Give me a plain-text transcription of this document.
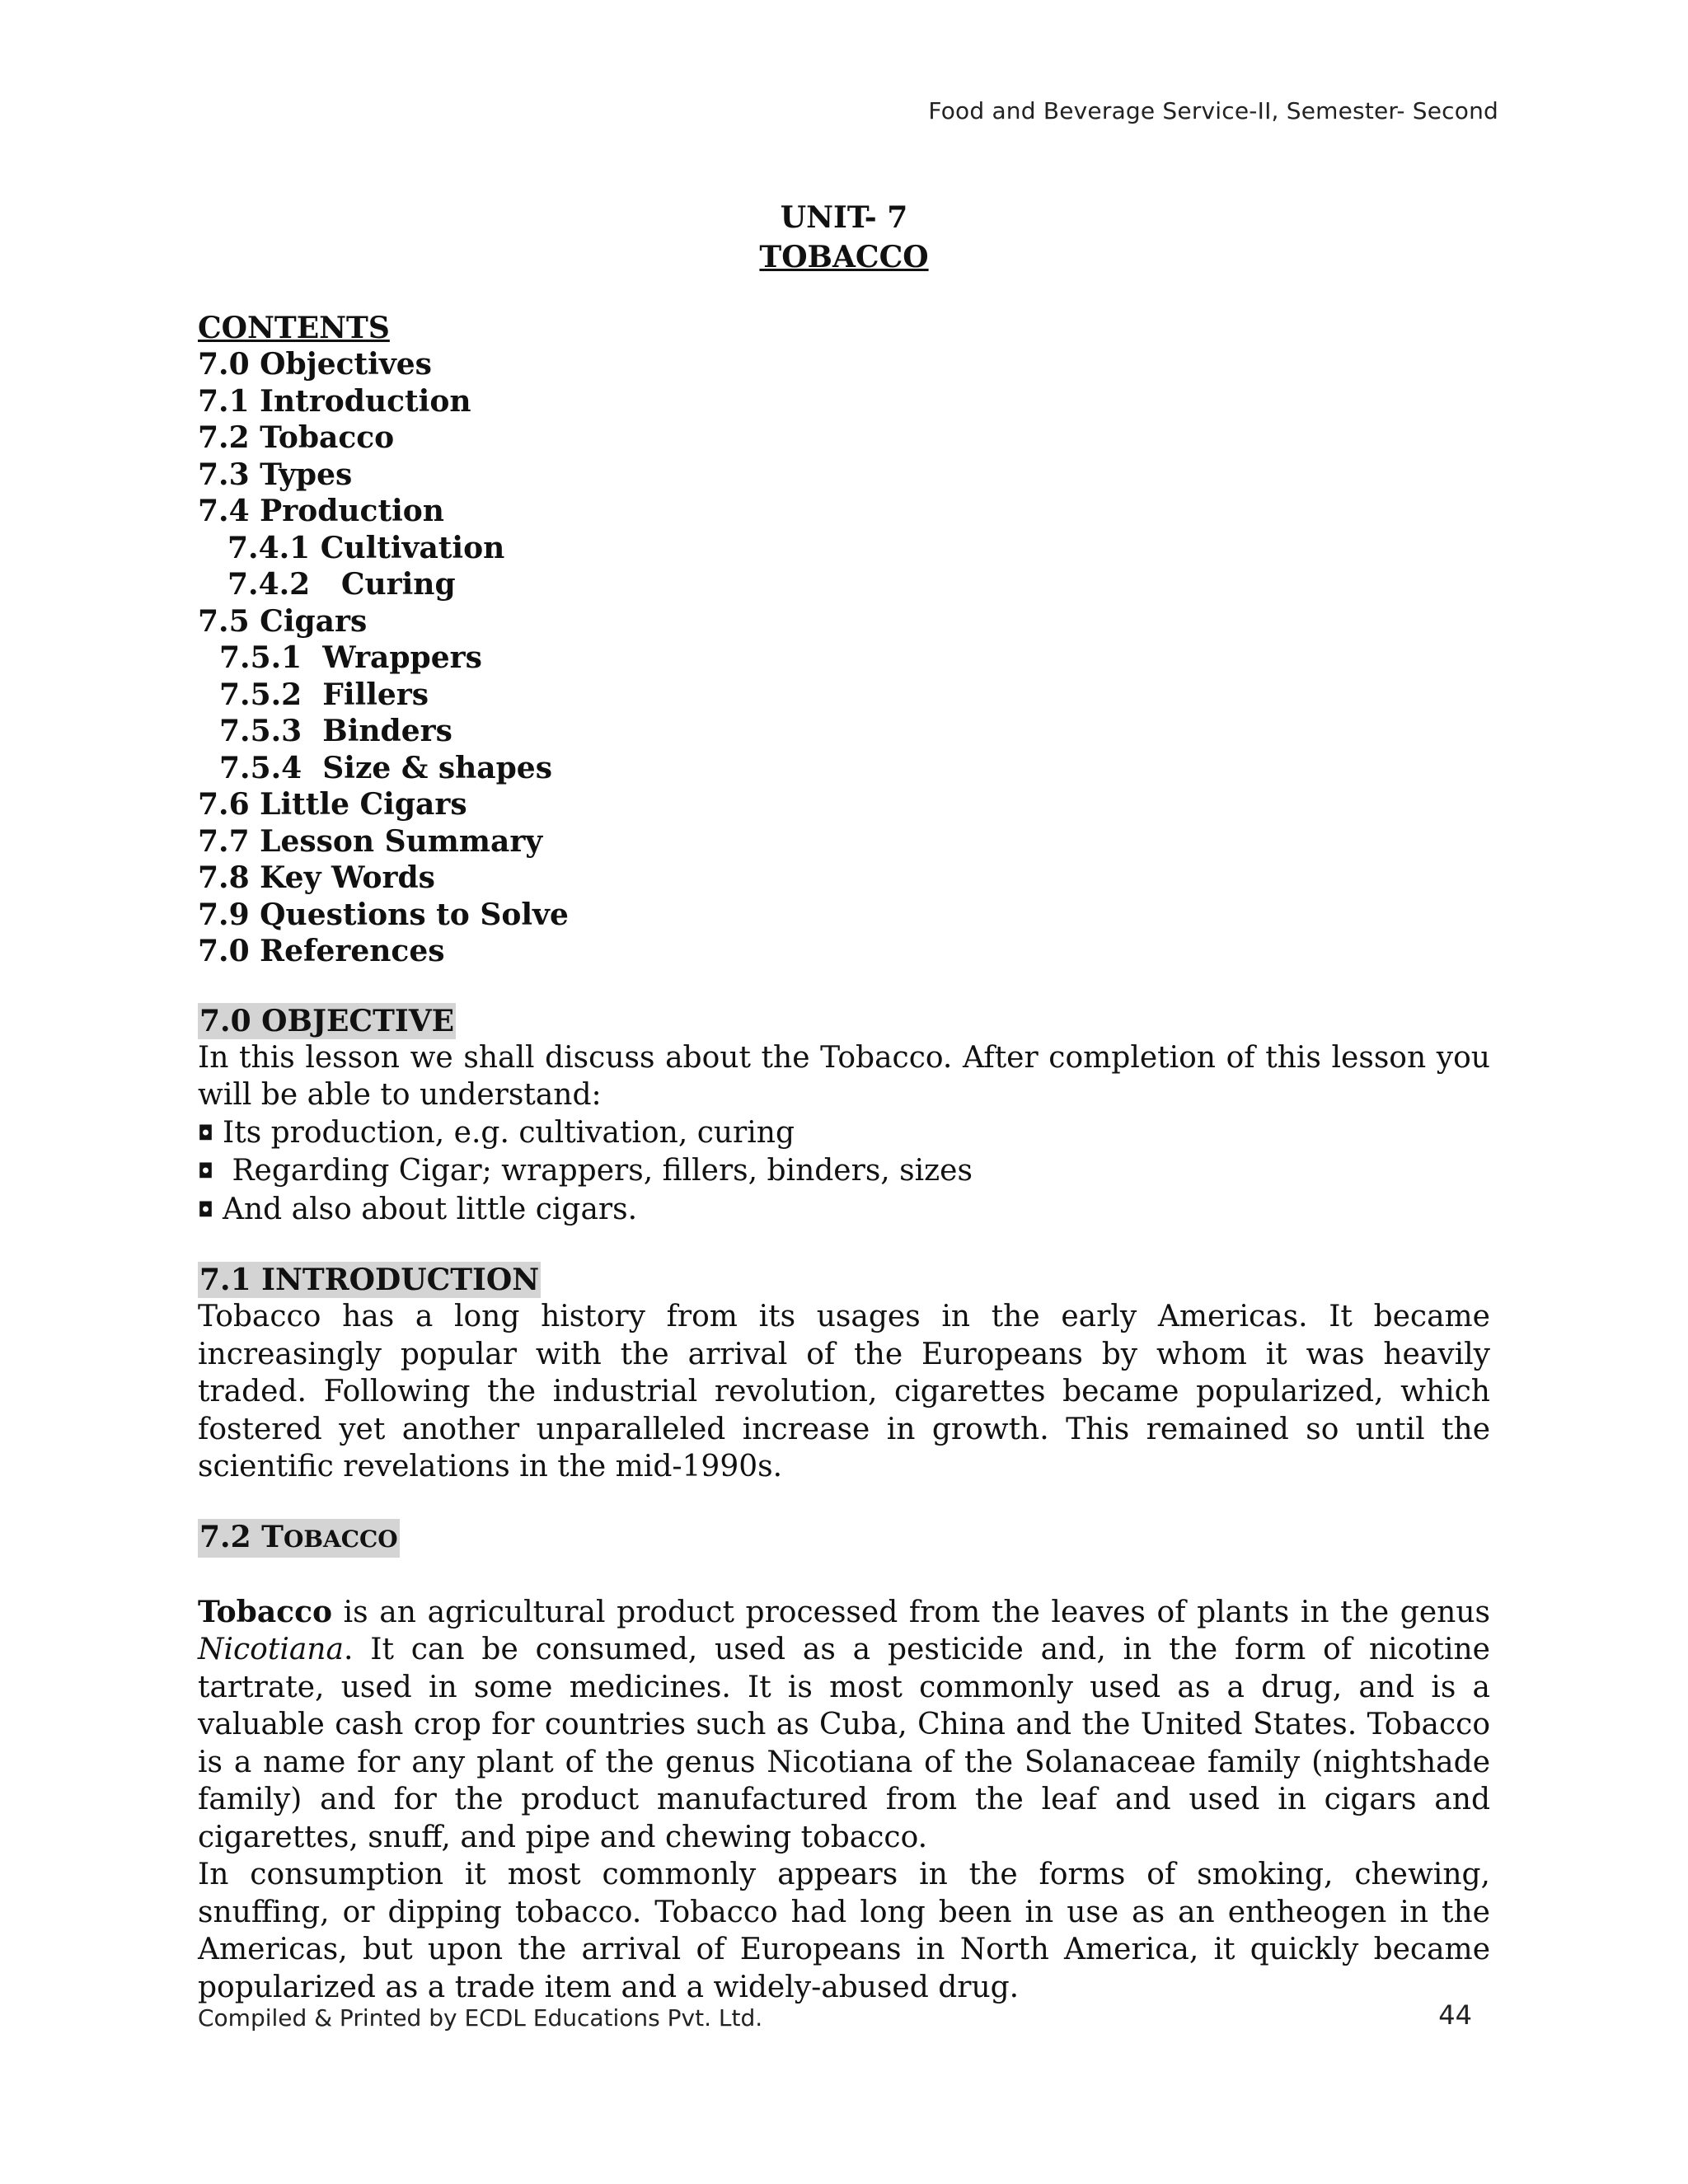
Food and Beverage Service-II, Semester- Second
UNIT- 7
TOBACCO
CONTENTS
7.0 Objectives
7.1 Introduction
7.2 Tobacco
7.3 Types
7.4 Production
7.4.1 Cultivation
7.4.2   Curing
7.5 Cigars
7.5.1  Wrappers
7.5.2  Fillers
7.5.3  Binders
7.5.4  Size & shapes
7.6 Little Cigars
7.7 Lesson Summary
7.8 Key Words
7.9 Questions to Solve
7.0 References
7.0 OBJECTIVE

In this lesson we shall discuss about the Tobacco. After completion of this lesson you will be able to understand:

◘ Its production, e.g. cultivation, curing
◘ Regarding Cigar; wrappers, fillers, binders, sizes
◘ And also about little cigars.
7.1 INTRODUCTION

Tobacco has a long history from its usages in the early Americas. It became increasingly popular with the arrival of the Europeans by whom it was heavily traded. Following the industrial revolution, cigarettes became popularized, which fostered yet another unparalleled increase in growth. This remained so until the scientific revelations in the mid-1990s.

7.2 TOBACCO

Tobacco is an agricultural product processed from the leaves of plants in the genus Nicotiana. It can be consumed, used as a pesticide and, in the form of nicotine tartrate, used in some medicines. It is most commonly used as a drug, and is a valuable cash crop for countries such as Cuba, China and the United States. Tobacco is a name for any plant of the genus Nicotiana of the Solanaceae family (nightshade family) and for the product manufactured from the leaf and used in cigars and cigarettes, snuff, and pipe and chewing tobacco.

In consumption it most commonly appears in the forms of smoking, chewing, snuffing, or dipping tobacco. Tobacco had long been in use as an entheogen in the Americas, but upon the arrival of Europeans in North America, it quickly became popularized as a trade item and a widely-abused drug.

Compiled & Printed by ECDL Educations Pvt. Ltd.	44
